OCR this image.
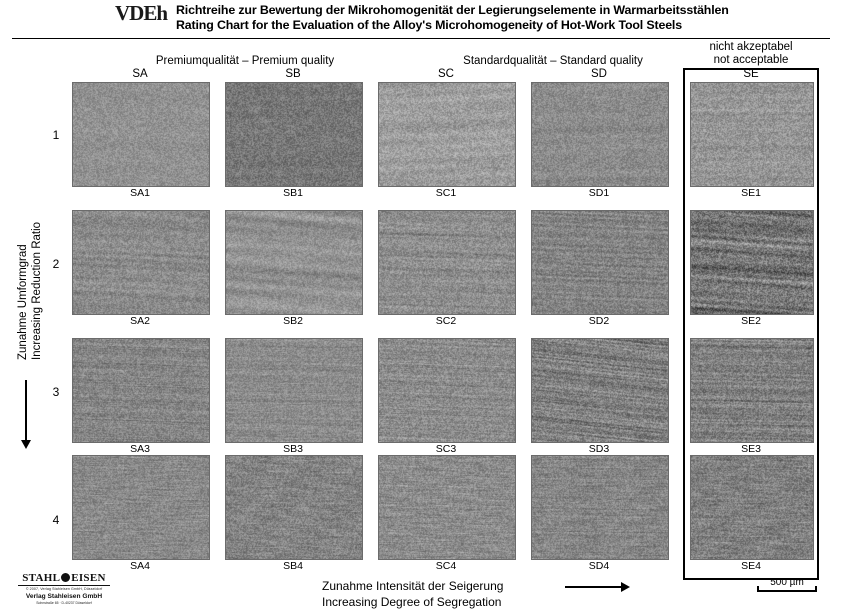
VDEh Richtreihe zur Bewertung der Mikrohomogenität der Legierungselemente in Warmarbeitsstählen
Rating Chart for the Evaluation of the Alloy's Microhomogeneity of Hot-Work Tool Steels
Premiumqualität – Premium quality	Standardqualität – Standard quality
nicht akzeptabel
not acceptable
SA	SB	SC	SD	SE
1
2
3
4
SA1	SB1	SC1	SD1	SE1
SA2	SB2	SC2	SD2	SE2
SA3	SB3	SC3	SD3	SE3
SA4	SB4	SC4	SD4	SE4
Zunahme Umformgrad Increasing Reduction Ratio
Zunahme Intensität der Seigerung
Increasing Degree of Segregation
500 µm
STAHL EISEN
© 2007, Verlag Stahleisen GmbH, Düsseldorf
Verlag Stahleisen GmbH
Sohnstraße 65 · D-40237 Düsseldorf
